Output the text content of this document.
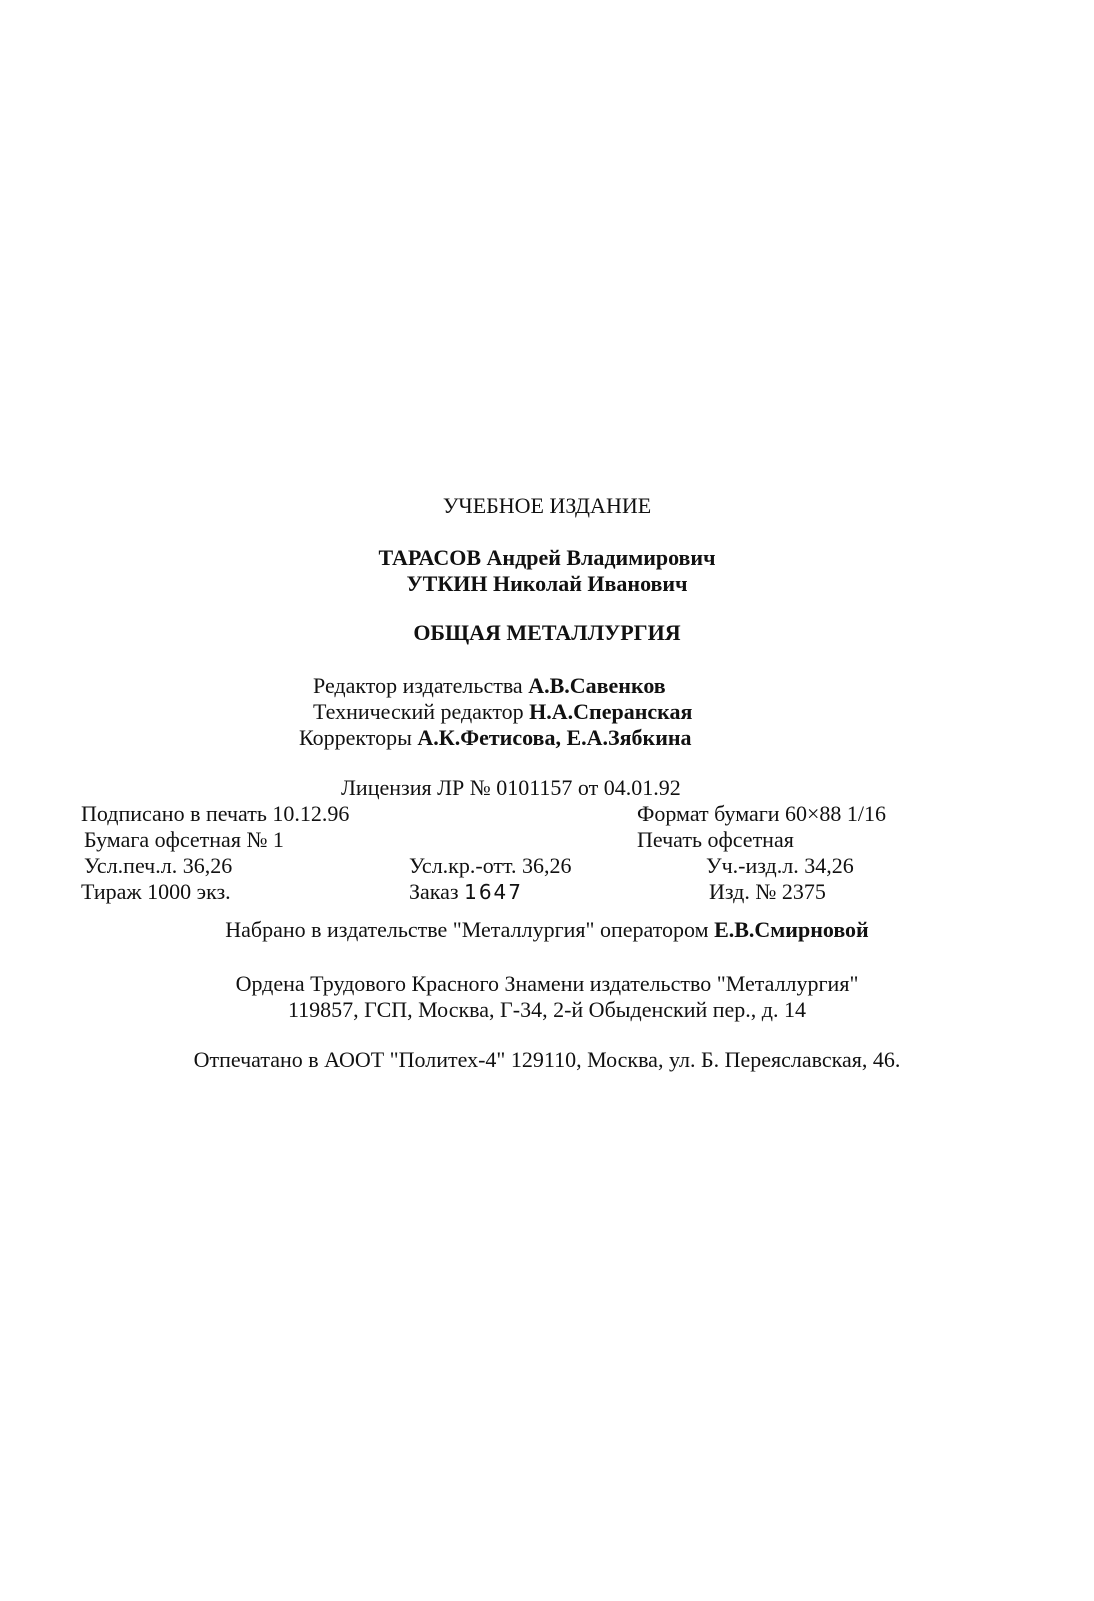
УЧЕБНОЕ ИЗДАНИЕ
ТАРАСОВ Андрей Владимирович
УТКИН Николай Иванович
ОБЩАЯ МЕТАЛЛУРГИЯ
Редактор издательства А.В.Савенков
Технический редактор Н.А.Сперанская
Корректоры А.К.Фетисова, Е.А.Зябкина
Лицензия ЛР № 0101157 от 04.01.92
Подписано в печать 10.12.96	Формат бумаги 60×88 1/16
Бумага офсетная № 1	Печать офсетная
Усл.печ.л. 36,26	Усл.кр.-отт. 36,26	Уч.-изд.л. 34,26
Тираж 1000 экз.	Заказ 1647	Изд. № 2375
Набрано в издательстве "Металлургия" оператором Е.В.Смирновой
Ордена Трудового Красного Знамени издательство "Металлургия"
119857, ГСП, Москва, Г-34, 2-й Обыденский пер., д. 14
Отпечатано в АООТ "Политех-4" 129110, Москва, ул. Б. Переяславская, 46.
